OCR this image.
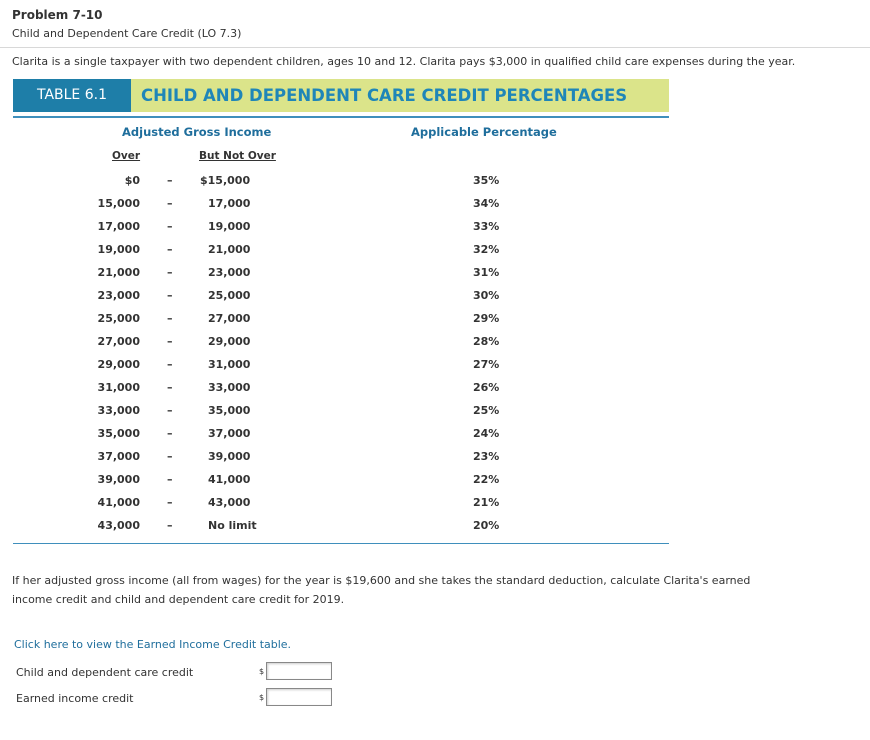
Problem 7-10
Child and Dependent Care Credit (LO 7.3)
Clarita is a single taxpayer with two dependent children, ages 10 and 12. Clarita pays $3,000 in qualified child care expenses during the year.
TABLE 6.1	CHILD AND DEPENDENT CARE CREDIT PERCENTAGES
Adjusted Gross Income	Applicable Percentage
Over	But Not Over
$0 –	$15,000	35%
15,000 –	17,000	34%
17,000 –	19,000	33%
19,000 –	21,000	32%
21,000 –	23,000	31%
23,000 –	25,000	30%
25,000 –	27,000	29%
27,000 –	29,000	28%
29,000 –	31,000	27%
31,000 –	33,000	26%
33,000 –	35,000	25%
35,000 –	37,000	24%
37,000 –	39,000	23%
39,000 –	41,000	22%
41,000 –	43,000	21%
43,000 –	No limit	20%
If her adjusted gross income (all from wages) for the year is $19,600 and she takes the standard deduction, calculate Clarita's earned income credit and child and dependent care credit for 2019.
Click here to view the Earned Income Credit table.
Child and dependent care credit	$
Earned income credit	$
